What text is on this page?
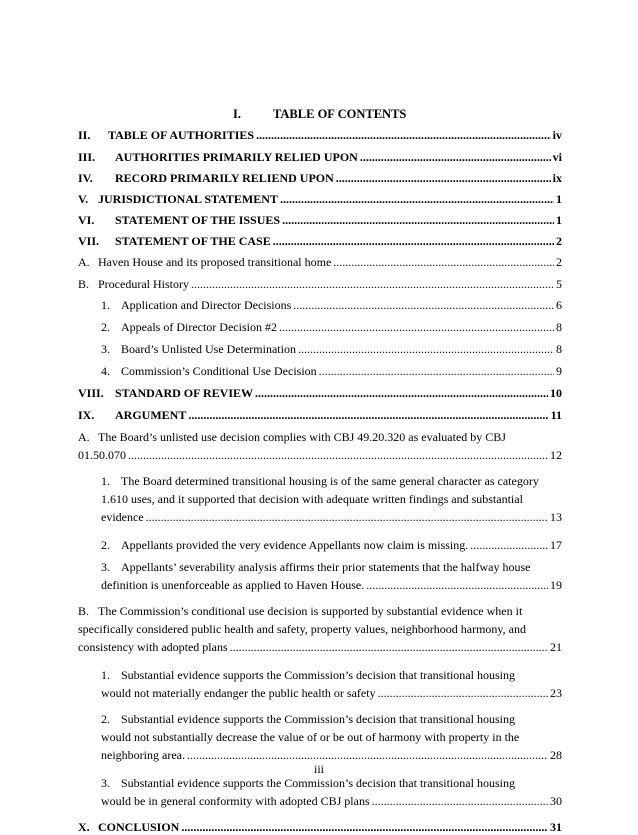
I.	TABLE OF CONTENTS
II. TABLE OF AUTHORITIES .....	iv
III. AUTHORITIES PRIMARILY RELIED UPON .....	vi
IV. RECORD PRIMARILY RELIEND UPON .....	ix
V. JURISDICTIONAL STATEMENT .....	1
VI. STATEMENT OF THE ISSUES .....	1
VII. STATEMENT OF THE CASE .....	2
A. Haven House and its proposed transitional home .....	2
B. Procedural History .....	5
1. Application and Director Decisions .....	6
2. Appeals of Director Decision #2 .....	8
3. Board’s Unlisted Use Determination .....	8
4. Commission’s Conditional Use Decision .....	9
VIII. STANDARD OF REVIEW .....	10
IX. ARGUMENT .....	11
A. The Board’s unlisted use decision complies with CBJ 49.20.320 as evaluated by CBJ
01.50.070 .....	12
1. The Board determined transitional housing is of the same general character as category
1.610 uses, and it supported that decision with adequate written findings and substantial
evidence .....	13
2. Appellants provided the very evidence Appellants now claim is missing. .....	17
3. Appellants’ severability analysis affirms their prior statements that the halfway house
definition is unenforceable as applied to Haven House. .....	19
B. The Commission’s conditional use decision is supported by substantial evidence when it
specifically considered public health and safety, property values, neighborhood harmony, and
consistency with adopted plans .....	21
1. Substantial evidence supports the Commission’s decision that transitional housing
would not materially endanger the public health or safety .....	23
2. Substantial evidence supports the Commission’s decision that transitional housing
would not substantially decrease the value of or be out of harmony with property in the
neighboring area. .....	28
3. Substantial evidence supports the Commission’s decision that transitional housing
would be in general conformity with adopted CBJ plans .....	30
X. CONCLUSION .....	31
iii
